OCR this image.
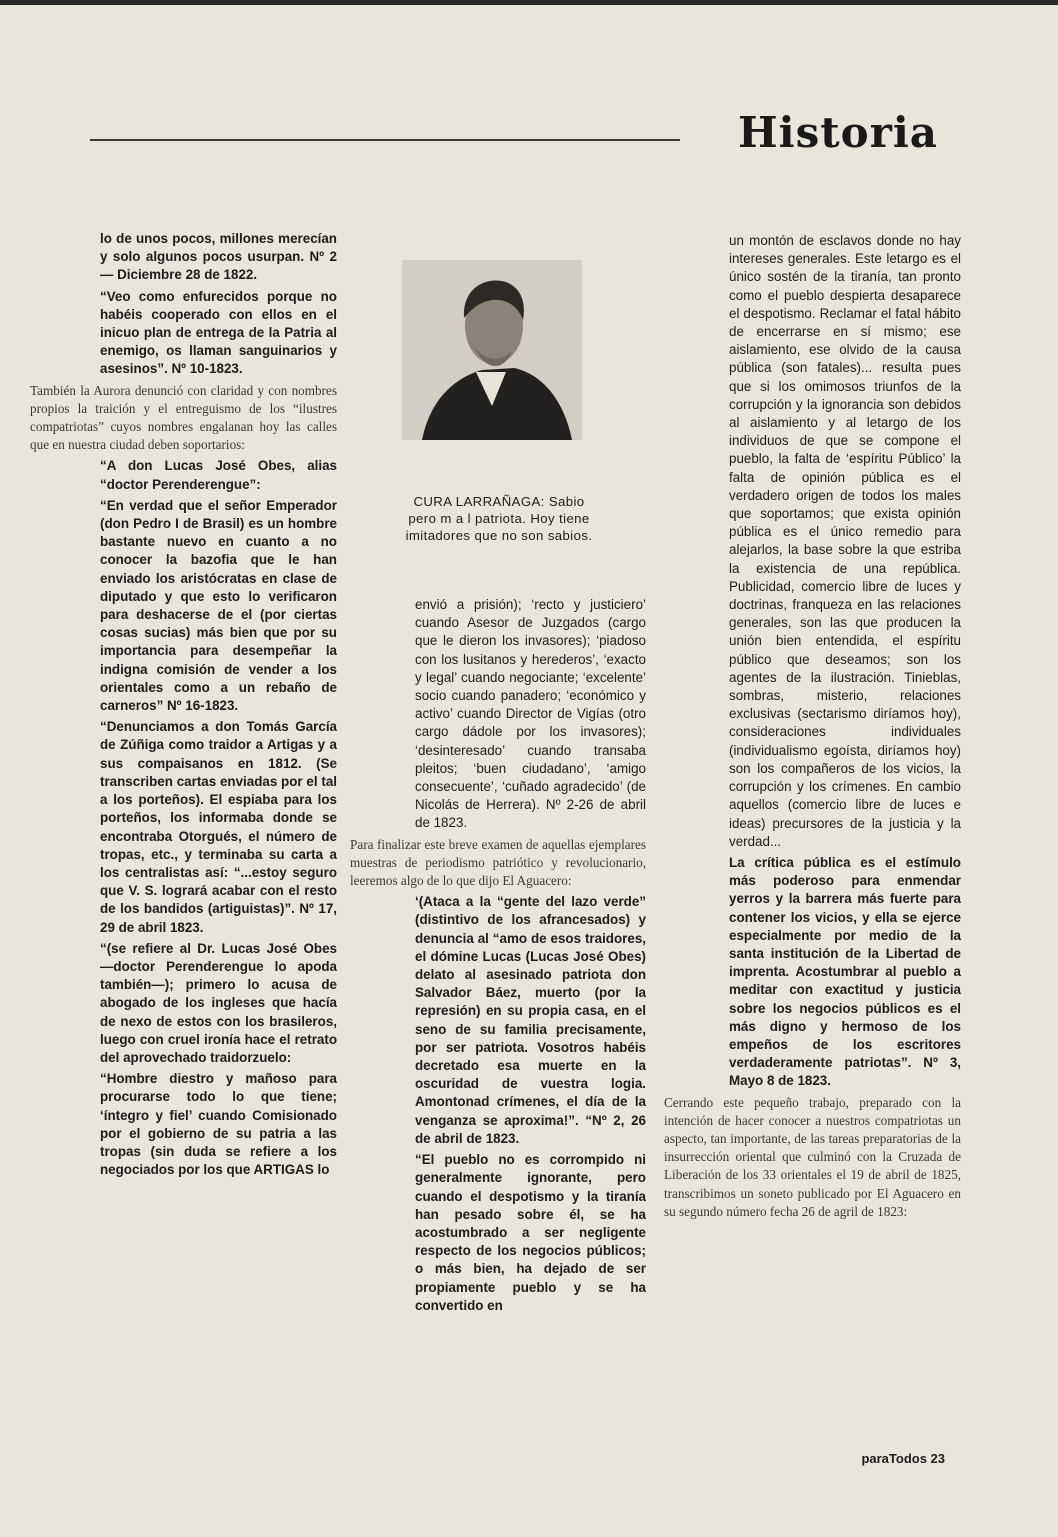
Historia

lo de unos pocos, millones merecían y solo algunos pocos usurpan. Nº 2 — Diciembre 28 de 1822.

“Veo como enfurecidos porque no habéis cooperado con ellos en el inicuo plan de entrega de la Patria al enemigo, os llaman sanguinarios y asesinos”. Nº 10-1823.

También la Aurora denunció con claridad y con nombres propios la traición y el entreguismo de los “ilustres compatriotas” cuyos nombres engalanan hoy las calles que en nuestra ciudad deben soportarios:

“A don Lucas José Obes, alias “doctor Perenderengue”:

“En verdad que el señor Emperador (don Pedro I de Brasil) es un hombre bastante nuevo en cuanto a no conocer la bazofia que le han enviado los aristócratas en clase de diputado y que esto lo verificaron para deshacerse de el (por ciertas cosas sucias) más bien que por su importancia para desempeñar la indigna comisión de vender a los orientales como a un rebaño de carneros” Nº 16-1823.

“Denunciamos a don Tomás García de Zúñiga como traidor a Artigas y a sus compaisanos en 1812. (Se transcriben cartas enviadas por el tal a los porteños). El espiaba para los porteños, los informaba donde se encontraba Otorgués, el número de tropas, etc., y terminaba su carta a los centralistas así: “...estoy seguro que V. S. logrará acabar con el resto de los bandidos (artiguistas)”. Nº 17, 29 de abril 1823.

“(se refiere al Dr. Lucas José Obes —doctor Perenderengue lo apoda también—); primero lo acusa de abogado de los ingleses que hacía de nexo de estos con los brasileros, luego con cruel ironía hace el retrato del aprovechado traidorzuelo:

“Hombre diestro y mañoso para procurarse todo lo que tiene; ‘íntegro y fiel’ cuando Comisionado por el gobierno de su patria a las tropas (sin duda se refiere a los negociados por los que ARTIGAS lo

CURA LARRAÑAGA: Sabio pero m a l patriota. Hoy tiene imitadores que no son sabios.

envió a prisión); ‘recto y justiciero’ cuando Asesor de Juzgados (cargo que le dieron los invasores); ‘piadoso con los lusitanos y herederos’, ‘exacto y legal’ cuando negociante; ‘excelente’ socio cuando panadero; ‘económico y activo’ cuando Director de Vigías (otro cargo dádole por los invasores); ‘desinteresado’ cuando transaba pleitos; ‘buen ciudadano’, ‘amigo consecuente’, ‘cuñado agradecido’ (de Nicolás de Herrera). Nº 2-26 de abril de 1823.

Para finalizar este breve examen de aquellas ejemplares muestras de periodismo patriótico y revolucionario, leeremos algo de lo que dijo El Aguacero:

‘(Ataca a la “gente del lazo verde” (distintivo de los afrancesados) y denuncia al “amo de esos traidores, el dómine Lucas (Lucas José Obes) delato al asesinado patriota don Salvador Báez, muerto (por la represión) en su propia casa, en el seno de su familia precisamente, por ser patriota. Vosotros habéis decretado esa muerte en la oscuridad de vuestra logia. Amontonad crímenes, el día de la venganza se aproxima!”. “Nº 2, 26 de abril de 1823.

“El pueblo no es corrompido ni generalmente ignorante, pero cuando el despotismo y la tiranía han pesado sobre él, se ha acostumbrado a ser negligente respecto de los negocios públicos; o más bien, ha dejado de ser propiamente pueblo y se ha convertido en

un montón de esclavos donde no hay intereses generales. Este letargo es el único sostén de la tiranía, tan pronto como el pueblo despierta desaparece el despotismo. Reclamar el fatal hábito de encerrarse en sí mismo; ese aislamiento, ese olvido de la causa pública (son fatales)... resulta pues que si los omimosos triunfos de la corrupción y la ignorancia son debidos al aislamiento y al letargo de los individuos de que se compone el pueblo, la falta de ‘espíritu Público’ la falta de opinión pública es el verdadero origen de todos los males que soportamos; que exista opinión pública es el único remedio para alejarlos, la base sobre la que estriba la existencia de una república. Publicidad, comercio libre de luces y doctrinas, franqueza en las relaciones generales, son las que producen la unión bien entendida, el espíritu público que deseamos; son los agentes de la ilustración. Tinieblas, sombras, misterio, relaciones exclusivas (sectarismo diríamos hoy), consideraciones individuales (individualismo egoísta, diríamos hoy) son los compañeros de los vicios, la corrupción y los crímenes. En cambio aquellos (comercio libre de luces e ideas) precursores de la justicia y la verdad...

La crítica pública es el estímulo más poderoso para enmendar yerros y la barrera más fuerte para contener los vicios, y ella se ejerce especialmente por medio de la santa institución de la Libertad de imprenta. Acostumbrar al pueblo a meditar con exactitud y justicia sobre los negocios públicos es el más digno y hermoso de los empeños de los escritores verdaderamente patriotas”. Nº 3, Mayo 8 de 1823.

Cerrando este pequeño trabajo, preparado con la intención de hacer conocer a nuestros compatriotas un aspecto, tan importante, de las tareas preparatorias de la insurrección oriental que culminó con la Cruzada de Liberación de los 33 orientales el 19 de abril de 1825, transcribimos un soneto publicado por El Aguacero en su segundo número fecha 26 de agril de 1823:

paraTodos 23
